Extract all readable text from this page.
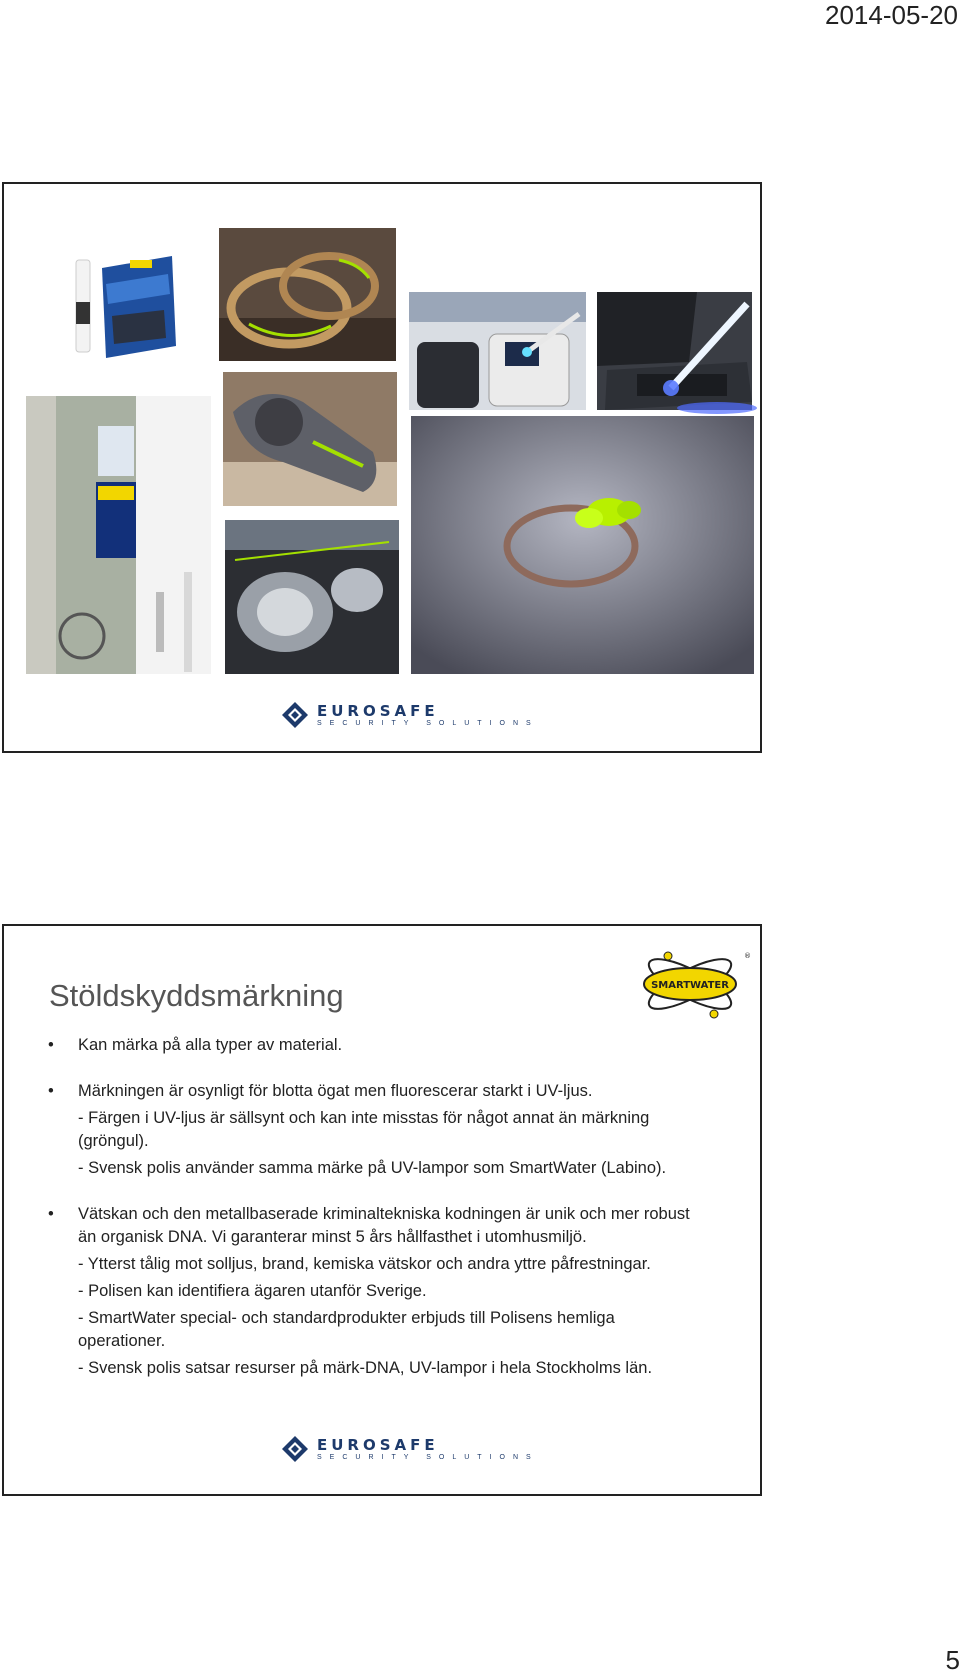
2014-05-20
EUROSAFE
SECURITY SOLUTIONS
Stöldskyddsmärkning	SMARTWATER
®
• Kan märka på alla typer av material.
• Märkningen är osynligt för blotta ögat men fluorescerar starkt i UV-ljus.
- Färgen i UV-ljus är sällsynt och kan inte misstas för något annat än märkning (gröngul).
- Svensk polis använder samma märke på UV-lampor som SmartWater (Labino).
• Vätskan och den metallbaserade kriminaltekniska kodningen är unik och mer robust än organisk DNA. Vi garanterar minst 5 års hållfasthet i utomhusmiljö.
- Ytterst tålig mot solljus, brand, kemiska vätskor och andra yttre påfrestningar.
- Polisen kan identifiera ägaren utanför Sverige.
- SmartWater special- och standardprodukter erbjuds till Polisens hemliga operationer.
- Svensk polis satsar resurser på märk-DNA, UV-lampor i hela Stockholms län.
EUROSAFE
SECURITY SOLUTIONS
5
